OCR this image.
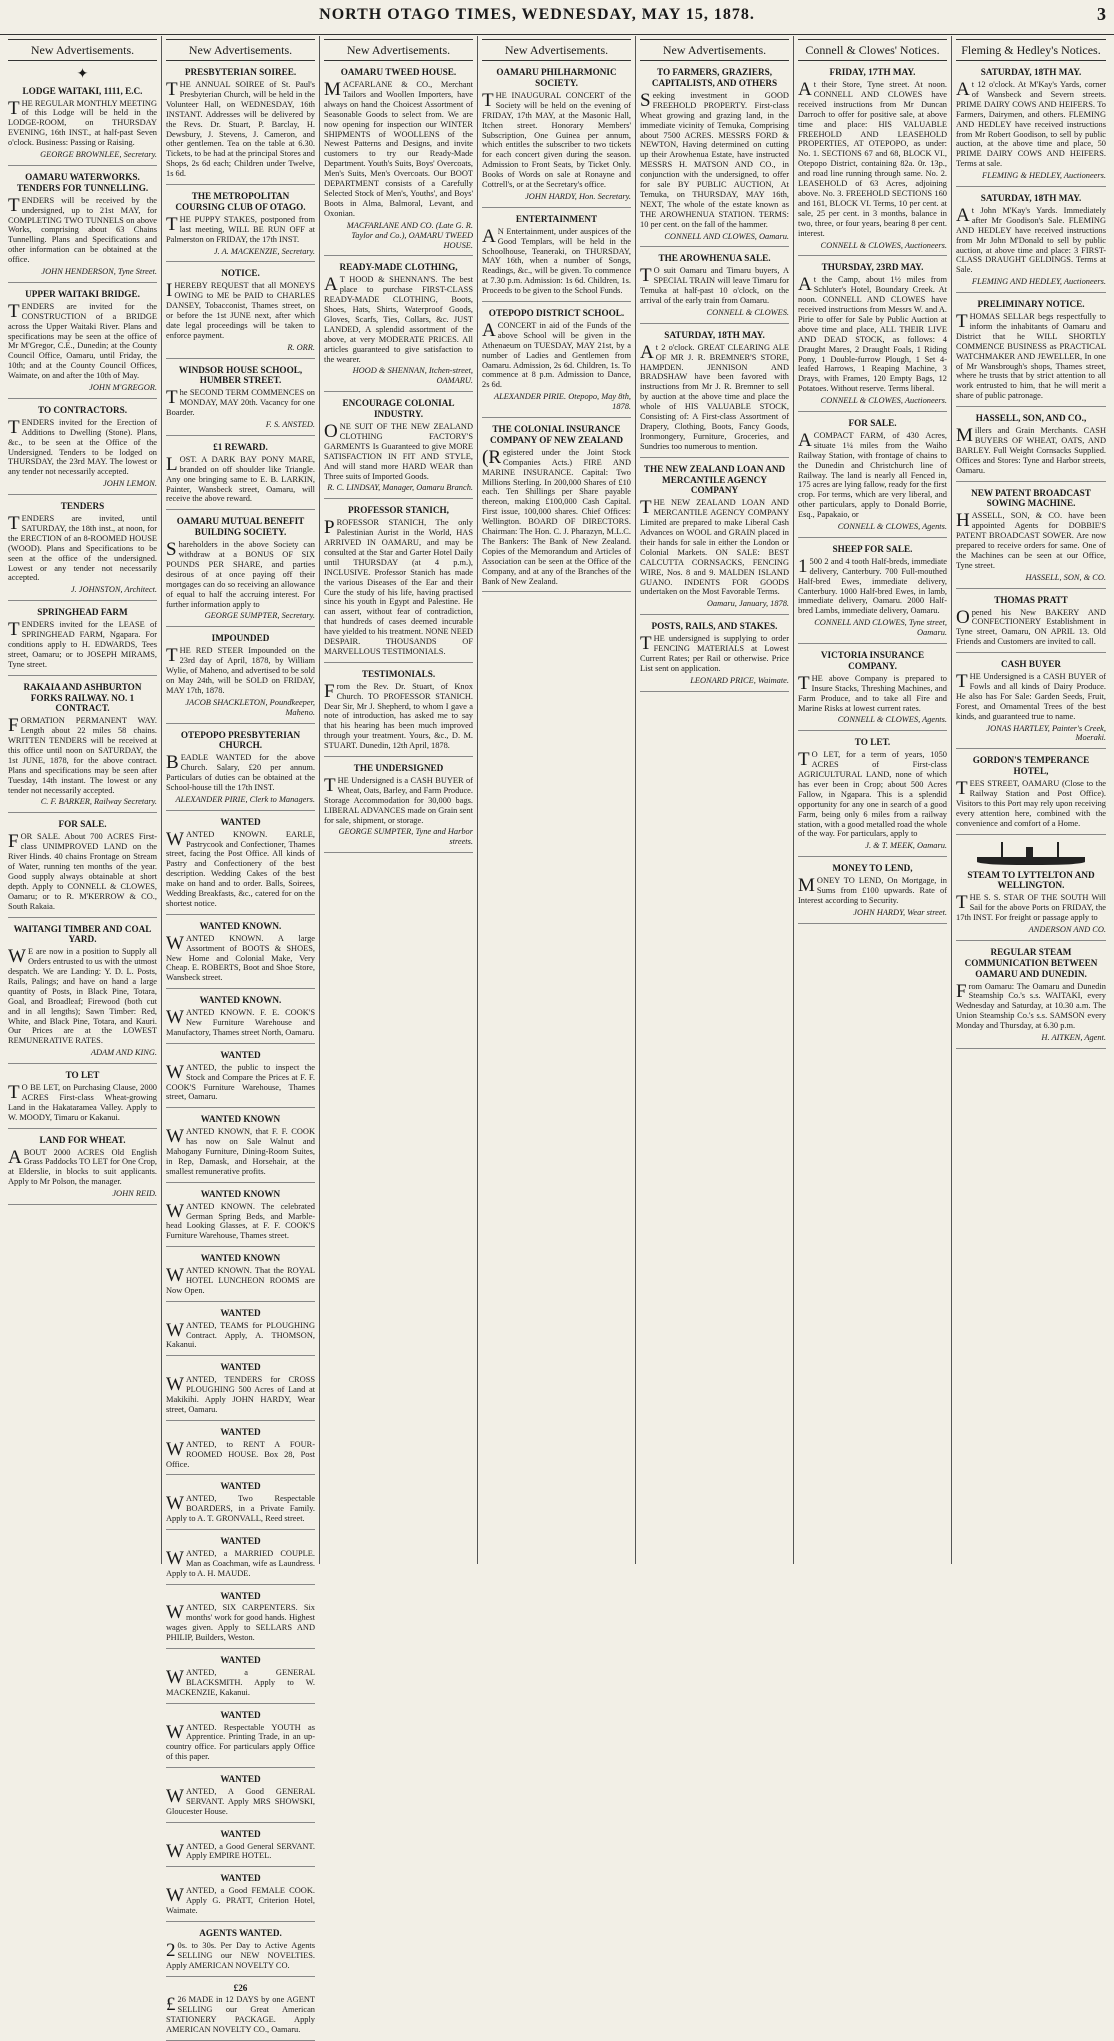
NORTH OTAGO TIMES, WEDNESDAY, MAY 15, 1878.	3
New Advertisements.
✦
LODGE WAITAKI, 1111, E.C.
THE REGULAR MONTHLY MEETING of this Lodge will be held in the LODGE-ROOM, on THURSDAY EVENING, 16th INST., at half-past Seven o'clock. Business: Passing or Raising.
GEORGE BROWNLEE, Secretary.
OAMARU WATERWORKS. TENDERS FOR TUNNELLING.
TENDERS will be received by the undersigned, up to 21st MAY, for COMPLETING TWO TUNNELS on above Works, comprising about 63 Chains Tunnelling. Plans and Specifications and other information can be obtained at the office.
JOHN HENDERSON, Tyne Street.
UPPER WAITAKI BRIDGE.
TENDERS are invited for the CONSTRUCTION of a BRIDGE across the Upper Waitaki River. Plans and specifications may be seen at the office of Mr M'Gregor, C.E., Dunedin; at the County Council Office, Oamaru, until Friday, the 10th; and at the County Council Offices, Waimate, on and after the 10th of May.
JOHN M'GREGOR.
TO CONTRACTORS.
TENDERS invited for the Erection of Additions to Dwelling (Stone). Plans, &c., to be seen at the Office of the Undersigned. Tenders to be lodged on THURSDAY, the 23rd MAY. The lowest or any tender not necessarily accepted.
JOHN LEMON.
TENDERS
TENDERS are invited, until SATURDAY, the 18th inst., at noon, for the ERECTION of an 8-ROOMED HOUSE (WOOD). Plans and Specifications to be seen at the office of the undersigned. Lowest or any tender not necessarily accepted.
J. JOHNSTON, Architect.
SPRINGHEAD FARM
TENDERS invited for the LEASE of SPRINGHEAD FARM, Ngapara. For conditions apply to H. EDWARDS, Tees street, Oamaru; or to JOSEPH MIRAMS, Tyne street.
RAKAIA AND ASHBURTON FORKS RAILWAY. NO. 1 CONTRACT.
FORMATION PERMANENT WAY. Length about 22 miles 58 chains. WRITTEN TENDERS will be received at this office until noon on SATURDAY, the 1st JUNE, 1878, for the above contract. Plans and specifications may be seen after Tuesday, 14th instant. The lowest or any tender not necessarily accepted.
C. F. BARKER, Railway Secretary.
FOR SALE.
FOR SALE. About 700 ACRES First-class UNIMPROVED LAND on the River Hinds. 40 chains Frontage on Stream of Water, running ten months of the year. Good supply always obtainable at short depth. Apply to CONNELL & CLOWES, Oamaru; or to R. M'KERROW & CO., South Rakaia.
WAITANGI TIMBER AND COAL YARD.
WE are now in a position to Supply all Orders entrusted to us with the utmost despatch. We are Landing: Y. D. L. Posts, Rails, Palings; and have on hand a large quantity of Posts, in Black Pine, Totara, Goal, and Broadleaf; Firewood (both cut and in all lengths); Sawn Timber: Red, White, and Black Pine, Totara, and Kauri. Our Prices are at the LOWEST REMUNERATIVE RATES.
ADAM AND KING.
TO LET
TO BE LET, on Purchasing Clause, 2000 ACRES First-class Wheat-growing Land in the Hakataramea Valley. Apply to W. MOODY, Timaru or Kakanui.
LAND FOR WHEAT.
ABOUT 2000 ACRES Old English Grass Paddocks TO LET for One Crop, at Elderslie, in blocks to suit applicants. Apply to Mr Polson, the manager.
JOHN REID.
New Advertisements.
PRESBYTERIAN SOIREE.
THE ANNUAL SOIREE of St. Paul's Presbyterian Church, will be held in the Volunteer Hall, on WEDNESDAY, 16th INSTANT. Addresses will be delivered by the Revs. Dr. Stuart, P. Barclay, H. Dewsbury, J. Stevens, J. Cameron, and other gentlemen. Tea on the table at 6.30. Tickets, to be had at the principal Stores and Shops, 2s 6d each; Children under Twelve, 1s 6d.
THE METROPOLITAN COURSING CLUB OF OTAGO.
THE PUPPY STAKES, postponed from last meeting, WILL BE RUN OFF at Palmerston on FRIDAY, the 17th INST.
J. A. MACKENZIE, Secretary.
NOTICE.
IHEREBY REQUEST that all MONEYS OWING to ME be PAID to CHARLES DANSEY, Tobacconist, Thames street, on or before the 1st JUNE next, after which date legal proceedings will be taken to enforce payment.
R. ORR.
WINDSOR HOUSE SCHOOL, HUMBER STREET.
The SECOND TERM COMMENCES on MONDAY, MAY 20th. Vacancy for one Boarder.
F. S. ANSTED.
£1 REWARD.
LOST. A DARK BAY PONY MARE, branded on off shoulder like Triangle. Any one bringing same to E. B. LARKIN, Painter, Wansbeck street, Oamaru, will receive the above reward.
OAMARU MUTUAL BENEFIT BUILDING SOCIETY.
Shareholders in the above Society can withdraw at a BONUS OF SIX POUNDS PER SHARE, and parties desirous of at once paying off their mortgages can do so receiving an allowance of equal to half the accruing interest. For further information apply to
GEORGE SUMPTER, Secretary.
IMPOUNDED
THE RED STEER Impounded on the 23rd day of April, 1878, by William Wylie, of Maheno, and advertised to be sold on May 24th, will be SOLD on FRIDAY, MAY 17th, 1878.
JACOB SHACKLETON, Poundkeeper, Maheno.
OTEPOPO PRESBYTERIAN CHURCH.
BEADLE WANTED for the above Church. Salary, £20 per annum. Particulars of duties can be obtained at the School-house till the 17th INST.
ALEXANDER PIRIE, Clerk to Managers.
WANTED
WANTED KNOWN. EARLE, Pastrycook and Confectioner, Thames street, facing the Post Office. All kinds of Pastry and Confectionery of the best description. Wedding Cakes of the best make on hand and to order. Balls, Soirees, Wedding Breakfasts, &c., catered for on the shortest notice.
WANTED KNOWN.
WANTED KNOWN. A large Assortment of BOOTS & SHOES, New Home and Colonial Make, Very Cheap. E. ROBERTS, Boot and Shoe Store, Wansbeck street.
WANTED KNOWN.
WANTED KNOWN. F. E. COOK'S New Furniture Warehouse and Manufactory, Thames street North, Oamaru.
WANTED
WANTED, the public to inspect the Stock and Compare the Prices at F. F. COOK'S Furniture Warehouse, Thames street, Oamaru.
WANTED KNOWN
WANTED KNOWN, that F. F. COOK has now on Sale Walnut and Mahogany Furniture, Dining-Room Suites, in Rep, Damask, and Horsehair, at the smallest remunerative profits.
WANTED KNOWN
WANTED KNOWN. The celebrated German Spring Beds, and Marble-head Looking Glasses, at F. F. COOK'S Furniture Warehouse, Thames street.
WANTED KNOWN
WANTED KNOWN. That the ROYAL HOTEL LUNCHEON ROOMS are Now Open.
WANTED
WANTED, TEAMS for PLOUGHING Contract. Apply, A. THOMSON, Kakanui.
WANTED
WANTED, TENDERS for CROSS PLOUGHING 500 Acres of Land at Makikihi. Apply JOHN HARDY, Wear street, Oamaru.
WANTED
WANTED, to RENT A FOUR-ROOMED HOUSE. Box 28, Post Office.
WANTED
WANTED, Two Respectable BOARDERS, in a Private Family. Apply to A. T. GRONVALL, Reed street.
WANTED
WANTED, a MARRIED COUPLE. Man as Coachman, wife as Laundress. Apply to A. H. MAUDE.
WANTED
WANTED, SIX CARPENTERS. Six months' work for good hands. Highest wages given. Apply to SELLARS AND PHILIP, Builders, Weston.
WANTED
WANTED, a GENERAL BLACKSMITH. Apply to W. MACKENZIE, Kakanui.
WANTED
WANTED. Respectable YOUTH as Apprentice. Printing Trade, in an up-country office. For particulars apply Office of this paper.
WANTED
WANTED, A Good GENERAL SERVANT. Apply MRS SHOWSKI, Gloucester House.
WANTED
WANTED, a Good General SERVANT. Apply EMPIRE HOTEL.
WANTED
WANTED, a Good FEMALE COOK. Apply G. PRATT, Criterion Hotel, Waimate.
AGENTS WANTED.
20s. to 30s. Per Day to Active Agents SELLING our NEW NOVELTIES. Apply AMERICAN NOVELTY CO.
£26
£26 MADE in 12 DAYS by one AGENT SELLING our Great American STATIONERY PACKAGE. Apply AMERICAN NOVELTY CO., Oamaru.
New Advertisements.
OAMARU TWEED HOUSE.
MACFARLANE & CO., Merchant Tailors and Woollen Importers, have always on hand the Choicest Assortment of Seasonable Goods to select from. We are now opening for inspection our WINTER SHIPMENTS of WOOLLENS of the Newest Patterns and Designs, and invite customers to try our Ready-Made Department. Youth's Suits, Boys' Overcoats, Men's Suits, Men's Overcoats. Our BOOT DEPARTMENT consists of a Carefully Selected Stock of Men's, Youths', and Boys' Boots in Alma, Balmoral, Levant, and Oxonian.
MACFARLANE AND CO. (Late G. R. Taylor and Co.), OAMARU TWEED HOUSE.
READY-MADE CLOTHING,
AT HOOD & SHENNAN'S. The best place to purchase FIRST-CLASS READY-MADE CLOTHING, Boots, Shoes, Hats, Shirts, Waterproof Goods, Gloves, Scarfs, Ties, Collars, &c. JUST LANDED, A splendid assortment of the above, at very MODERATE PRICES. All articles guaranteed to give satisfaction to the wearer.
HOOD & SHENNAN, Itchen-street, OAMARU.
ENCOURAGE COLONIAL INDUSTRY.
ONE SUIT OF THE NEW ZEALAND CLOTHING FACTORY'S GARMENTS Is Guaranteed to give MORE SATISFACTION IN FIT AND STYLE, And will stand more HARD WEAR than Three suits of Imported Goods.
R. C. LINDSAY, Manager, Oamaru Branch.
PROFESSOR STANICH,
PROFESSOR STANICH, The only Palestinian Aurist in the World, HAS ARRIVED IN OAMARU, and may be consulted at the Star and Garter Hotel Daily until THURSDAY (at 4 p.m.), INCLUSIVE. Professor Stanich has made the various Diseases of the Ear and their Cure the study of his life, having practised since his youth in Egypt and Palestine. He can assert, without fear of contradiction, that hundreds of cases deemed incurable have yielded to his treatment. NONE NEED DESPAIR. THOUSANDS OF MARVELLOUS TESTIMONIALS.
TESTIMONIALS.
From the Rev. Dr. Stuart, of Knox Church. TO PROFESSOR STANICH. Dear Sir, Mr J. Shepherd, to whom I gave a note of introduction, has asked me to say that his hearing has been much improved through your treatment. Yours, &c., D. M. STUART. Dunedin, 12th April, 1878.
THE UNDERSIGNED
THE Undersigned is a CASH BUYER of Wheat, Oats, Barley, and Farm Produce. Storage Accommodation for 30,000 bags. LIBERAL ADVANCES made on Grain sent for sale, shipment, or storage.
GEORGE SUMPTER, Tyne and Harbor streets.
New Advertisements.
OAMARU PHILHARMONIC SOCIETY.
THE INAUGURAL CONCERT of the Society will be held on the evening of FRIDAY, 17th MAY, at the Masonic Hall, Itchen street. Honorary Members' Subscription, One Guinea per annum, which entitles the subscriber to two tickets for each concert given during the season. Admission to Front Seats, by Ticket Only. Books of Words on sale at Ronayne and Cottrell's, or at the Secretary's office.
JOHN HARDY, Hon. Secretary.
ENTERTAINMENT
AN Entertainment, under auspices of the Good Templars, will be held in the Schoolhouse, Teaneraki, on THURSDAY, MAY 16th, when a number of Songs, Readings, &c., will be given. To commence at 7.30 p.m. Admission: 1s 6d. Children, 1s. Proceeds to be given to the School Funds.
OTEPOPO DISTRICT SCHOOL.
ACONCERT in aid of the Funds of the above School will be given in the Athenaeum on TUESDAY, MAY 21st, by a number of Ladies and Gentlemen from Oamaru. Admission, 2s 6d. Children, 1s. To commence at 8 p.m. Admission to Dance, 2s 6d.
ALEXANDER PIRIE. Otepopo, May 8th, 1878.
THE COLONIAL INSURANCE COMPANY OF NEW ZEALAND
(Registered under the Joint Stock Companies Acts.) FIRE AND MARINE INSURANCE. Capital: Two Millions Sterling. In 200,000 Shares of £10 each. Ten Shillings per Share payable thereon, making £100,000 Cash Capital. First issue, 100,000 shares. Chief Offices: Wellington. BOARD OF DIRECTORS. Chairman: The Hon. C. J. Pharazyn, M.L.C. The Bankers: The Bank of New Zealand. Copies of the Memorandum and Articles of Association can be seen at the Office of the Company, and at any of the Branches of the Bank of New Zealand.
New Advertisements.
TO FARMERS, GRAZIERS, CAPITALISTS, AND OTHERS
Seeking investment in GOOD FREEHOLD PROPERTY. First-class Wheat growing and grazing land, in the immediate vicinity of Temuka, Comprising about 7500 ACRES. MESSRS FORD & NEWTON, Having determined on cutting up their Arowhenua Estate, have instructed MESSRS H. MATSON AND CO., in conjunction with the undersigned, to offer for sale BY PUBLIC AUCTION, At Temuka, on THURSDAY, MAY 16th, NEXT, The whole of the estate known as THE AROWHENUA STATION. TERMS: 10 per cent. on the fall of the hammer.
CONNELL AND CLOWES, Oamaru.
THE AROWHENUA SALE.
TO suit Oamaru and Timaru buyers, A SPECIAL TRAIN will leave Timaru for Temuka at half-past 10 o'clock, on the arrival of the early train from Oamaru.
CONNELL & CLOWES.
SATURDAY, 18TH MAY.
At 2 o'clock. GREAT CLEARING ALE OF MR J. R. BREMNER'S STORE, HAMPDEN. JENNISON AND BRADSHAW have been favored with instructions from Mr J. R. Bremner to sell by auction at the above time and place the whole of HIS VALUABLE STOCK, Consisting of: A First-class Assortment of Drapery, Clothing, Boots, Fancy Goods, Ironmongery, Furniture, Groceries, and Sundries too numerous to mention.
THE NEW ZEALAND LOAN AND MERCANTILE AGENCY COMPANY
THE NEW ZEALAND LOAN AND MERCANTILE AGENCY COMPANY Limited are prepared to make Liberal Cash Advances on WOOL and GRAIN placed in their hands for sale in either the London or Colonial Markets. ON SALE: BEST CALCUTTA CORNSACKS, FENCING WIRE, Nos. 8 and 9. MALDEN ISLAND GUANO. INDENTS FOR GOODS undertaken on the Most Favorable Terms.
Oamaru, January, 1878.
POSTS, RAILS, AND STAKES.
THE undersigned is supplying to order FENCING MATERIALS at Lowest Current Rates; per Rail or otherwise. Price List sent on application.
LEONARD PRICE, Waimate.
Connell & Clowes' Notices.
FRIDAY, 17TH MAY.
At their Store, Tyne street. At noon. CONNELL AND CLOWES have received instructions from Mr Duncan Darroch to offer for positive sale, at above time and place: HIS VALUABLE FREEHOLD AND LEASEHOLD PROPERTIES, AT OTEPOPO, as under: No. 1. SECTIONS 67 and 68, BLOCK VI., Otepopo District, containing 82a. 0r. 13p., and road line running through same. No. 2. LEASEHOLD of 63 Acres, adjoining above. No. 3. FREEHOLD SECTIONS 160 and 161, BLOCK VI. Terms, 10 per cent. at sale, 25 per cent. in 3 months, balance in two, three, or four years, bearing 8 per cent. interest.
CONNELL & CLOWES, Auctioneers.
THURSDAY, 23RD MAY.
At the Camp, about 1½ miles from Schluter's Hotel, Boundary Creek. At noon. CONNELL AND CLOWES have received instructions from Messrs W. and A. Pirie to offer for Sale by Public Auction at above time and place, ALL THEIR LIVE AND DEAD STOCK, as follows: 4 Draught Mares, 2 Draught Foals, 1 Riding Pony, 1 Double-furrow Plough, 1 Set 4-leafed Harrows, 1 Reaping Machine, 3 Drays, with Frames, 120 Empty Bags, 12 Potatoes. Without reserve. Terms liberal.
CONNELL & CLOWES, Auctioneers.
FOR SALE.
ACOMPACT FARM, of 430 Acres, situate 1¼ miles from the Waiho Railway Station, with frontage of chains to the Dunedin and Christchurch line of Railway. The land is nearly all Fenced in, 175 acres are lying fallow, ready for the first crop. For terms, which are very liberal, and other particulars, apply to Donald Borrie, Esq., Papakaio, or
CONNELL & CLOWES, Agents.
SHEEP FOR SALE.
1500 2 and 4 tooth Half-breds, immediate delivery, Canterbury. 700 Full-mouthed Half-bred Ewes, immediate delivery, Canterbury. 1000 Half-bred Ewes, in lamb, immediate delivery, Oamaru. 2000 Half-bred Lambs, immediate delivery, Oamaru.
CONNELL AND CLOWES, Tyne street, Oamaru.
VICTORIA INSURANCE COMPANY.
THE above Company is prepared to Insure Stacks, Threshing Machines, and Farm Produce, and to take all Fire and Marine Risks at lowest current rates.
CONNELL & CLOWES, Agents.
TO LET.
TO LET, for a term of years, 1050 ACRES of First-class AGRICULTURAL LAND, none of which has ever been in Crop; about 500 Acres Fallow, in Ngapara. This is a splendid opportunity for any one in search of a good Farm, being only 6 miles from a railway station, with a good metalled road the whole of the way. For particulars, apply to
J. & T. MEEK, Oamaru.
MONEY TO LEND,
MONEY TO LEND, On Mortgage, in Sums from £100 upwards. Rate of Interest according to Security.
JOHN HARDY, Wear street.
Fleming & Hedley's Notices.
SATURDAY, 18TH MAY.
At 12 o'clock. At M'Kay's Yards, corner of Wansbeck and Severn streets. PRIME DAIRY COWS AND HEIFERS. To Farmers, Dairymen, and others. FLEMING AND HEDLEY have received instructions from Mr Robert Goodison, to sell by public auction, at the above time and place, 50 PRIME DAIRY COWS AND HEIFERS. Terms at sale.
FLEMING & HEDLEY, Auctioneers.
SATURDAY, 18TH MAY.
At John M'Kay's Yards. Immediately after Mr Goodison's Sale. FLEMING AND HEDLEY have received instructions from Mr John M'Donald to sell by public auction, at above time and place: 3 FIRST-CLASS DRAUGHT GELDINGS. Terms at Sale.
FLEMING AND HEDLEY, Auctioneers.
PRELIMINARY NOTICE.
THOMAS SELLAR begs respectfully to inform the inhabitants of Oamaru and District that he WILL SHORTLY COMMENCE BUSINESS as PRACTICAL WATCHMAKER AND JEWELLER, In one of Mr Wansbrough's shops, Thames street, where he trusts that by strict attention to all work entrusted to him, that he will merit a share of public patronage.
HASSELL, SON, AND CO.,
Millers and Grain Merchants. CASH BUYERS OF WHEAT, OATS, AND BARLEY. Full Weight Cornsacks Supplied. Offices and Stores: Tyne and Harbor streets, Oamaru.
NEW PATENT BROADCAST SOWING MACHINE.
HASSELL, SON, & CO. have been appointed Agents for DOBBIE'S PATENT BROADCAST SOWER. Are now prepared to receive orders for same. One of the Machines can be seen at our Office, Tyne street.
HASSELL, SON, & CO.
THOMAS PRATT
Opened his New BAKERY AND CONFECTIONERY Establishment in Tyne street, Oamaru, ON APRIL 13. Old Friends and Customers are invited to call.
CASH BUYER
THE Undersigned is a CASH BUYER of Fowls and all kinds of Dairy Produce. He also has For Sale: Garden Seeds, Fruit, Forest, and Ornamental Trees of the best kinds, and guaranteed true to name.
JONAS HARTLEY, Painter's Creek, Moeraki.
GORDON'S TEMPERANCE HOTEL,
TEES STREET, OAMARU (Close to the Railway Station and Post Office). Visitors to this Port may rely upon receiving every attention here, combined with the convenience and comfort of a Home.
STEAM TO LYTTELTON AND WELLINGTON.
THE S. S. STAR OF THE SOUTH Will Sail for the above Ports on FRIDAY, the 17th INST. For freight or passage apply to
ANDERSON AND CO.
REGULAR STEAM COMMUNICATION BETWEEN OAMARU AND DUNEDIN.
From Oamaru: The Oamaru and Dunedin Steamship Co.'s s.s. WAITAKI, every Wednesday and Saturday, at 10.30 a.m. The Union Steamship Co.'s s.s. SAMSON every Monday and Thursday, at 6.30 p.m.
H. AITKEN, Agent.
